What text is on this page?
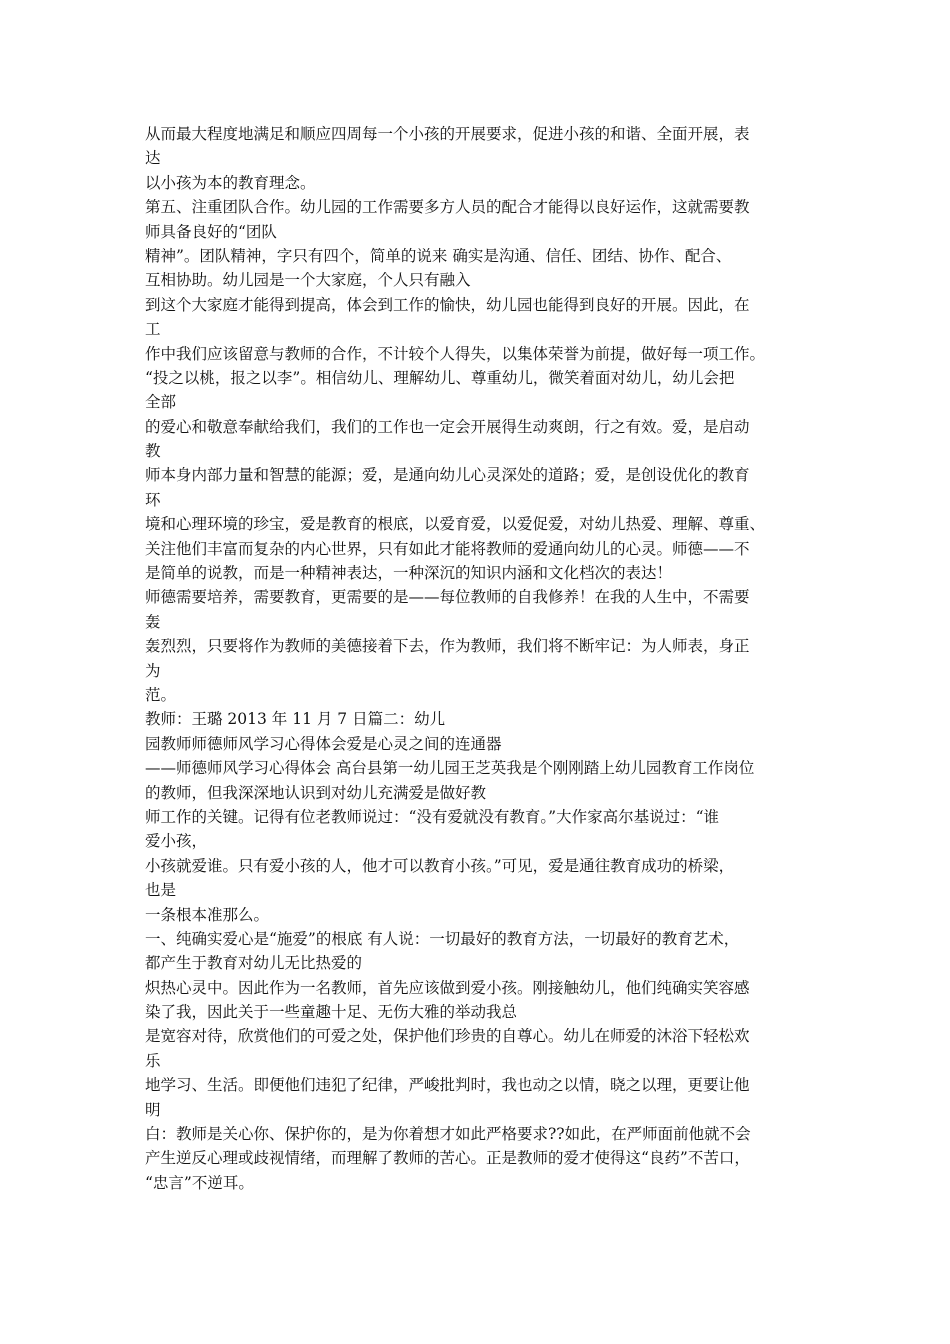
从而最大程度地满足和顺应四周每一个小孩的开展要求，促进小孩的和谐、全面开展，表
达
以小孩为本的教育理念。
第五、注重团队合作。幼儿园的工作需要多方人员的配合才能得以良好运作，这就需要教
师具备良好的“团队
精神”。团队精神，字只有四个，简单的说来 确实是沟通、信任、团结、协作、配合、
互相协助。幼儿园是一个大家庭，个人只有融入
到这个大家庭才能得到提高，体会到工作的愉快，幼儿园也能得到良好的开展。因此，在
工
作中我们应该留意与教师的合作，不计较个人得失，以集体荣誉为前提，做好每一项工作。
“投之以桃，报之以李”。相信幼儿、理解幼儿、尊重幼儿，微笑着面对幼儿，幼儿会把
全部
的爱心和敬意奉献给我们，我们的工作也一定会开展得生动爽朗，行之有效。爱，是启动
教
师本身内部力量和智慧的能源；爱，是通向幼儿心灵深处的道路；爱，是创设优化的教育
环
境和心理环境的珍宝，爱是教育的根底，以爱育爱，以爱促爱，对幼儿热爱、理解、尊重、
关注他们丰富而复杂的内心世界，只有如此才能将教师的爱通向幼儿的心灵。师德——不
是简单的说教，而是一种精神表达，一种深沉的知识内涵和文化档次的表达！
师德需要培养，需要教育，更需要的是——每位教师的自我修养！在我的人生中，不需要
轰
轰烈烈，只要将作为教师的美德接着下去，作为教师，我们将不断牢记：为人师表，身正
为
范。
教师：王璐 2013 年 11 月 7 日篇二：幼儿
园教师师德师风学习心得体会爱是心灵之间的连通器
——师德师风学习心得体会 高台县第一幼儿园王芝英我是个刚刚踏上幼儿园教育工作岗位
的教师，但我深深地认识到对幼儿充满爱是做好教
师工作的关键。记得有位老教师说过：“没有爱就没有教育。”大作家高尔基说过：“谁
爱小孩，
小孩就爱谁。只有爱小孩的人，他才可以教育小孩。”可见，爱是通往教育成功的桥梁，
也是
一条根本准那么。
一、纯确实爱心是“施爱”的根底 有人说：一切最好的教育方法，一切最好的教育艺术，
都产生于教育对幼儿无比热爱的
炽热心灵中。因此作为一名教师，首先应该做到爱小孩。刚接触幼儿，他们纯确实笑容感
染了我，因此关于一些童趣十足、无伤大雅的举动我总
是宽容对待，欣赏他们的可爱之处，保护他们珍贵的自尊心。幼儿在师爱的沐浴下轻松欢
乐
地学习、生活。即便他们违犯了纪律，严峻批判时，我也动之以情，晓之以理，更要让他
明
白：教师是关心你、保护你的，是为你着想才如此严格要求??如此，在严师面前他就不会
产生逆反心理或歧视情绪，而理解了教师的苦心。正是教师的爱才使得这“良药”不苦口，
“忠言”不逆耳。
